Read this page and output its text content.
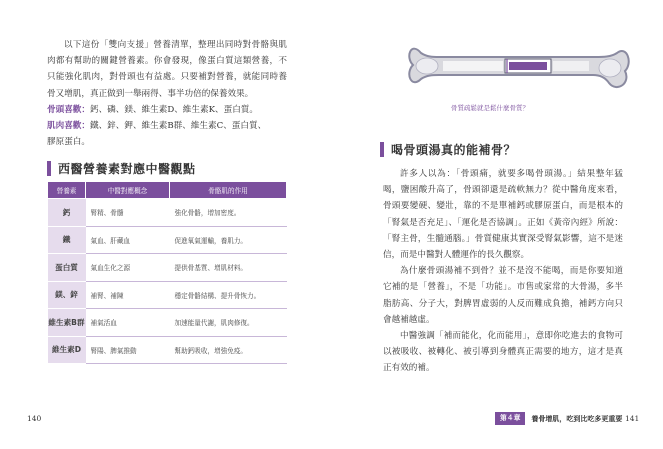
以下這份「雙向支援」營養清單，整理出同時對骨骼與肌肉都有幫助的關鍵營養素。你會發現，像蛋白質這類營養，不只能強化肌肉，對骨頭也有益處。只要補對營養，就能同時養骨又增肌，真正做到一舉兩得、事半功倍的保養效果。

骨頭喜歡：鈣、磷、鎂、維生素D、維生素K、蛋白質。
肌肉喜歡：鐵、鋅、鉀、維生素B群、維生素C、蛋白質、
膠原蛋白。
西醫營養素對應中醫觀點
營養素	中醫對應概念	骨骼肌的作用
鈣	腎精、骨髓	強化骨骼，增加密度。
鐵	氣血、肝藏血	促進氧氣運輸，養肌力。
蛋白質	氣血生化之源	提供骨基質、增肌材料。
鎂、鋅	補腎、補陳	穩定骨骼結構、提升骨恢力。
維生素B群	補氣活血	加速能量代謝，肌肉修復。
維生素D	腎陽、脾氣推動	幫助鈣吸收，增強免疫。
140
骨質疏鬆就是鬆什麼骨質？
喝骨頭湯真的能補骨？

許多人以為：「骨頭痛，就要多喝骨頭湯。」結果整年猛喝，鹽困酸升高了，骨頭卻還是疏軟無力？從中醫角度來看，骨頭要變硬、變壯，靠的不是單補鈣或膠原蛋白，而是根本的「腎氣是否充足」、「運化是否協調」。正如《黃帝內經》所說：「腎主骨，生髓通腦。」骨質健康其實深受腎氣影響，這不是迷信，而是中醫對人體運作的長久觀察。

為什麼骨頭湯補不到骨？並不是沒不能喝，而是你要知道它補的是「營養」，不是「功能」。市售或家常的大骨湯，多半脂肪高、分子大，對脾胃虛弱的人反而難成負擔，補鈣方向只會越補越虛。

中醫強調「補而能化，化而能用」，意即你吃進去的食物可以被吸收、被轉化、被引導到身體真正需要的地方，這才是真正有效的補。

第４章	養骨增肌，吃到比吃多更重要 141
